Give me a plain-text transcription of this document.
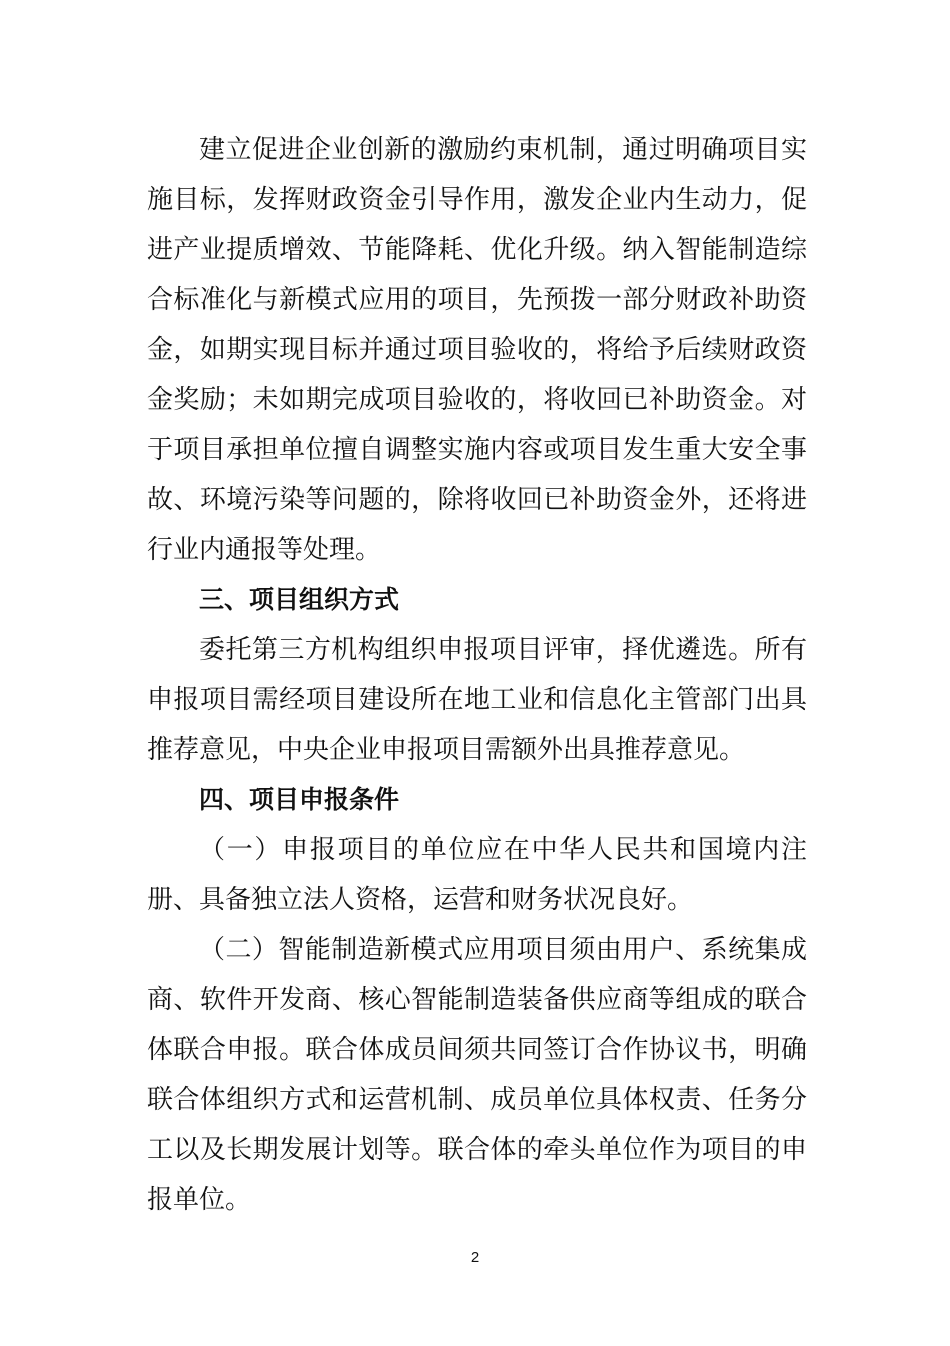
建立促进企业创新的激励约束机制，通过明确项目实
施目标，发挥财政资金引导作用，激发企业内生动力，促
进产业提质增效、节能降耗、优化升级。纳入智能制造综
合标准化与新模式应用的项目，先预拨一部分财政补助资
金，如期实现目标并通过项目验收的，将给予后续财政资
金奖励；未如期完成项目验收的，将收回已补助资金。对
于项目承担单位擅自调整实施内容或项目发生重大安全事
故、环境污染等问题的，除将收回已补助资金外，还将进
行业内通报等处理。
三、项目组织方式
委托第三方机构组织申报项目评审，择优遴选。所有
申报项目需经项目建设所在地工业和信息化主管部门出具
推荐意见，中央企业申报项目需额外出具推荐意见。
四、项目申报条件
（一）申报项目的单位应在中华人民共和国境内注
册、具备独立法人资格，运营和财务状况良好。
（二）智能制造新模式应用项目须由用户、系统集成
商、软件开发商、核心智能制造装备供应商等组成的联合
体联合申报。联合体成员间须共同签订合作协议书，明确
联合体组织方式和运营机制、成员单位具体权责、任务分
工以及长期发展计划等。联合体的牵头单位作为项目的申
报单位。
2
